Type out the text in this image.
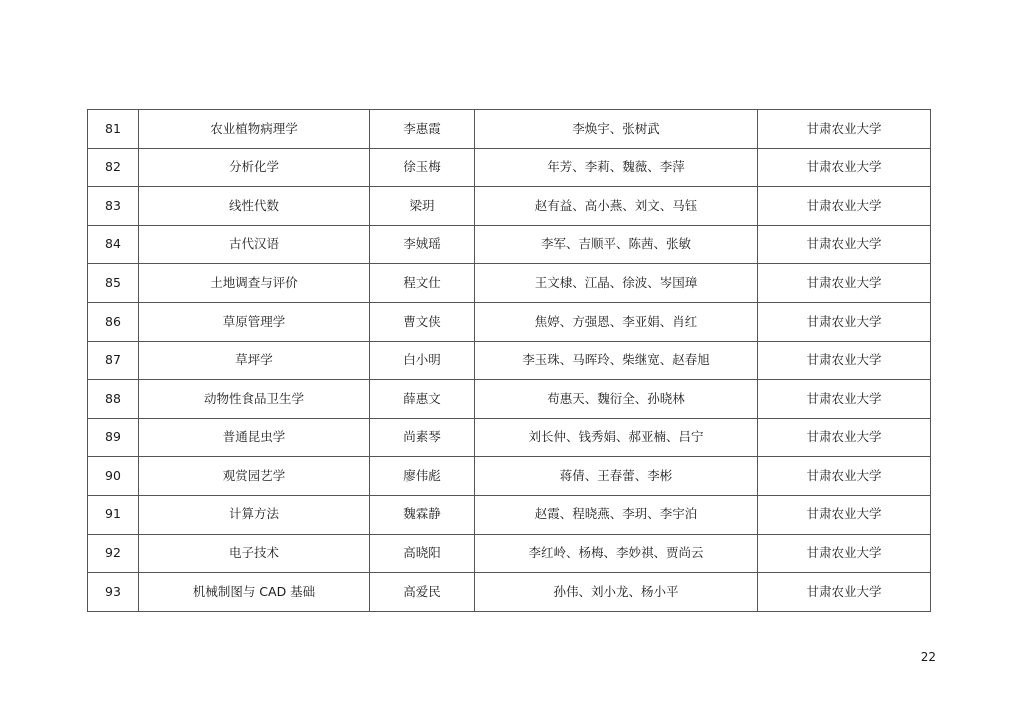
81	农业植物病理学	李惠霞	李焕宇、张树武	甘肃农业大学
82	分析化学	徐玉梅	年芳、李莉、魏薇、李萍	甘肃农业大学
83	线性代数	梁玥	赵有益、高小燕、刘文、马钰	甘肃农业大学
84	古代汉语	李娀瑶	李军、吉顺平、陈茜、张敏	甘肃农业大学
85	土地调查与评价	程文仕	王文棣、江晶、徐波、岑国璋	甘肃农业大学
86	草原管理学	曹文侠	焦婷、方强恩、李亚娟、肖红	甘肃农业大学
87	草坪学	白小明	李玉珠、马晖玲、柴继宽、赵春旭	甘肃农业大学
88	动物性食品卫生学	薛惠文	苟惠天、魏衍全、孙晓林	甘肃农业大学
89	普通昆虫学	尚素琴	刘长仲、钱秀娟、郝亚楠、吕宁	甘肃农业大学
90	观赏园艺学	廖伟彪	蒋倩、王春蕾、李彬	甘肃农业大学
91	计算方法	魏霖静	赵霞、程晓燕、李玥、李宇泊	甘肃农业大学
92	电子技术	高晓阳	李红岭、杨梅、李妙祺、贾尚云	甘肃农业大学
93	机械制图与 CAD 基础	高爱民	孙伟、刘小龙、杨小平	甘肃农业大学
22
